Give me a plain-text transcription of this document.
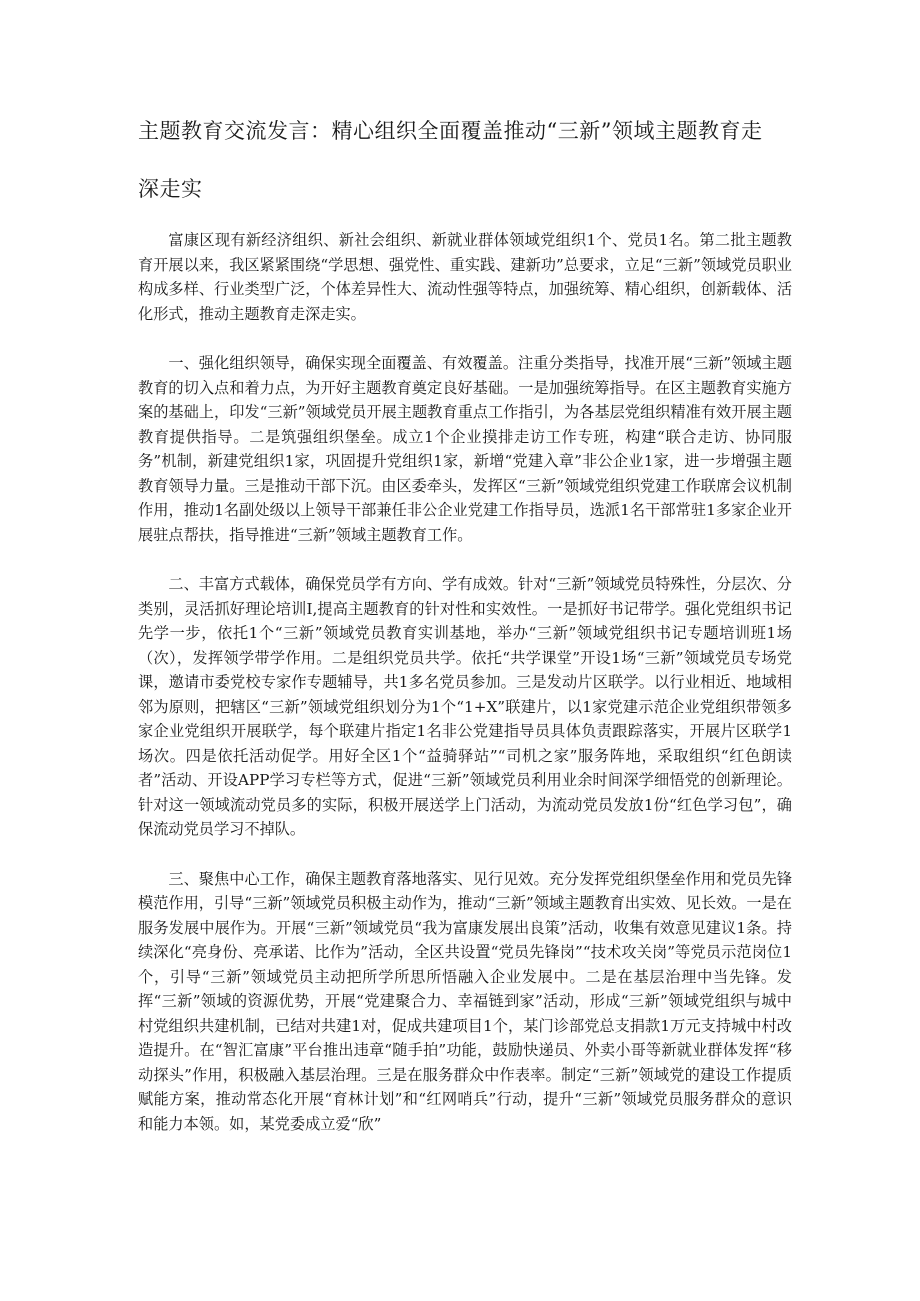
主题教育交流发言：精心组织全面覆盖推动“三新”领域主题教育走
深走实

富康区现有新经济组织、新社会组织、新就业群体领域党组织1个、党员1名。第二批主题教育开展以来，我区紧紧围绕“学思想、强党性、重实践、建新功”总要求，立足“三新”领域党员职业构成多样、行业类型广泛，个体差异性大、流动性强等特点，加强统筹、精心组织，创新载体、活化形式，推动主题教育走深走实。

一、强化组织领导，确保实现全面覆盖、有效覆盖。注重分类指导，找准开展“三新”领域主题教育的切入点和着力点，为开好主题教育奠定良好基础。一是加强统筹指导。在区主题教育实施方案的基础上，印发“三新”领域党员开展主题教育重点工作指引，为各基层党组织精准有效开展主题教育提供指导。二是筑强组织堡垒。成立1个企业摸排走访工作专班，构建“联合走访、协同服务”机制，新建党组织1家，巩固提升党组织1家，新增“党建入章”非公企业1家，进一步增强主题教育领导力量。三是推动干部下沉。由区委牵头，发挥区“三新”领域党组织党建工作联席会议机制作用，推动1名副处级以上领导干部兼任非公企业党建工作指导员，选派1名干部常驻1多家企业开展驻点帮扶，指导推进“三新”领域主题教育工作。

二、丰富方式载体，确保党员学有方向、学有成效。针对“三新”领域党员特殊性，分层次、分类别，灵活抓好理论培训I,提高主题教育的针对性和实效性。一是抓好书记带学。强化党组织书记先学一步，依托1个“三新”领域党员教育实训基地，举办“三新”领域党组织书记专题培训班1场（次），发挥领学带学作用。二是组织党员共学。依托“共学课堂”开设1场“三新”领域党员专场党课，邀请市委党校专家作专题辅导，共1多名党员参加。三是发动片区联学。以行业相近、地域相邻为原则，把辖区“三新”领域党组织划分为1个“1+X”联建片，以1家党建示范企业党组织带领多家企业党组织开展联学，每个联建片指定1名非公党建指导员具体负责跟踪落实，开展片区联学1场次。四是依托活动促学。用好全区1个“益骑驿站”“司机之家”服务阵地，采取组织“红色朗读者”活动、开设APP学习专栏等方式，促进“三新”领域党员利用业余时间深学细悟党的创新理论。针对这一领域流动党员多的实际，积极开展送学上门活动，为流动党员发放1份“红色学习包”，确保流动党员学习不掉队。

三、聚焦中心工作，确保主题教育落地落实、见行见效。充分发挥党组织堡垒作用和党员先锋模范作用，引导“三新”领域党员积极主动作为，推动“三新”领域主题教育出实效、见长效。一是在服务发展中展作为。开展“三新”领域党员“我为富康发展出良策”活动，收集有效意见建议1条。持续深化“亮身份、亮承诺、比作为”活动，全区共设置“党员先锋岗”“技术攻关岗”等党员示范岗位1个，引导“三新”领域党员主动把所学所思所悟融入企业发展中。二是在基层治理中当先锋。发挥“三新”领域的资源优势，开展“党建聚合力、幸福链到家”活动，形成“三新”领域党组织与城中村党组织共建机制，已结对共建1对，促成共建项目1个，某门诊部党总支捐款1万元支持城中村改造提升。在“智汇富康”平台推出违章“随手拍”功能，鼓励快递员、外卖小哥等新就业群体发挥“移动探头”作用，积极融入基层治理。三是在服务群众中作表率。制定“三新”领域党的建设工作提质赋能方案，推动常态化开展“育林计划”和“红网哨兵”行动，提升“三新”领域党员服务群众的意识和能力本领。如，某党委成立爱“欣”
